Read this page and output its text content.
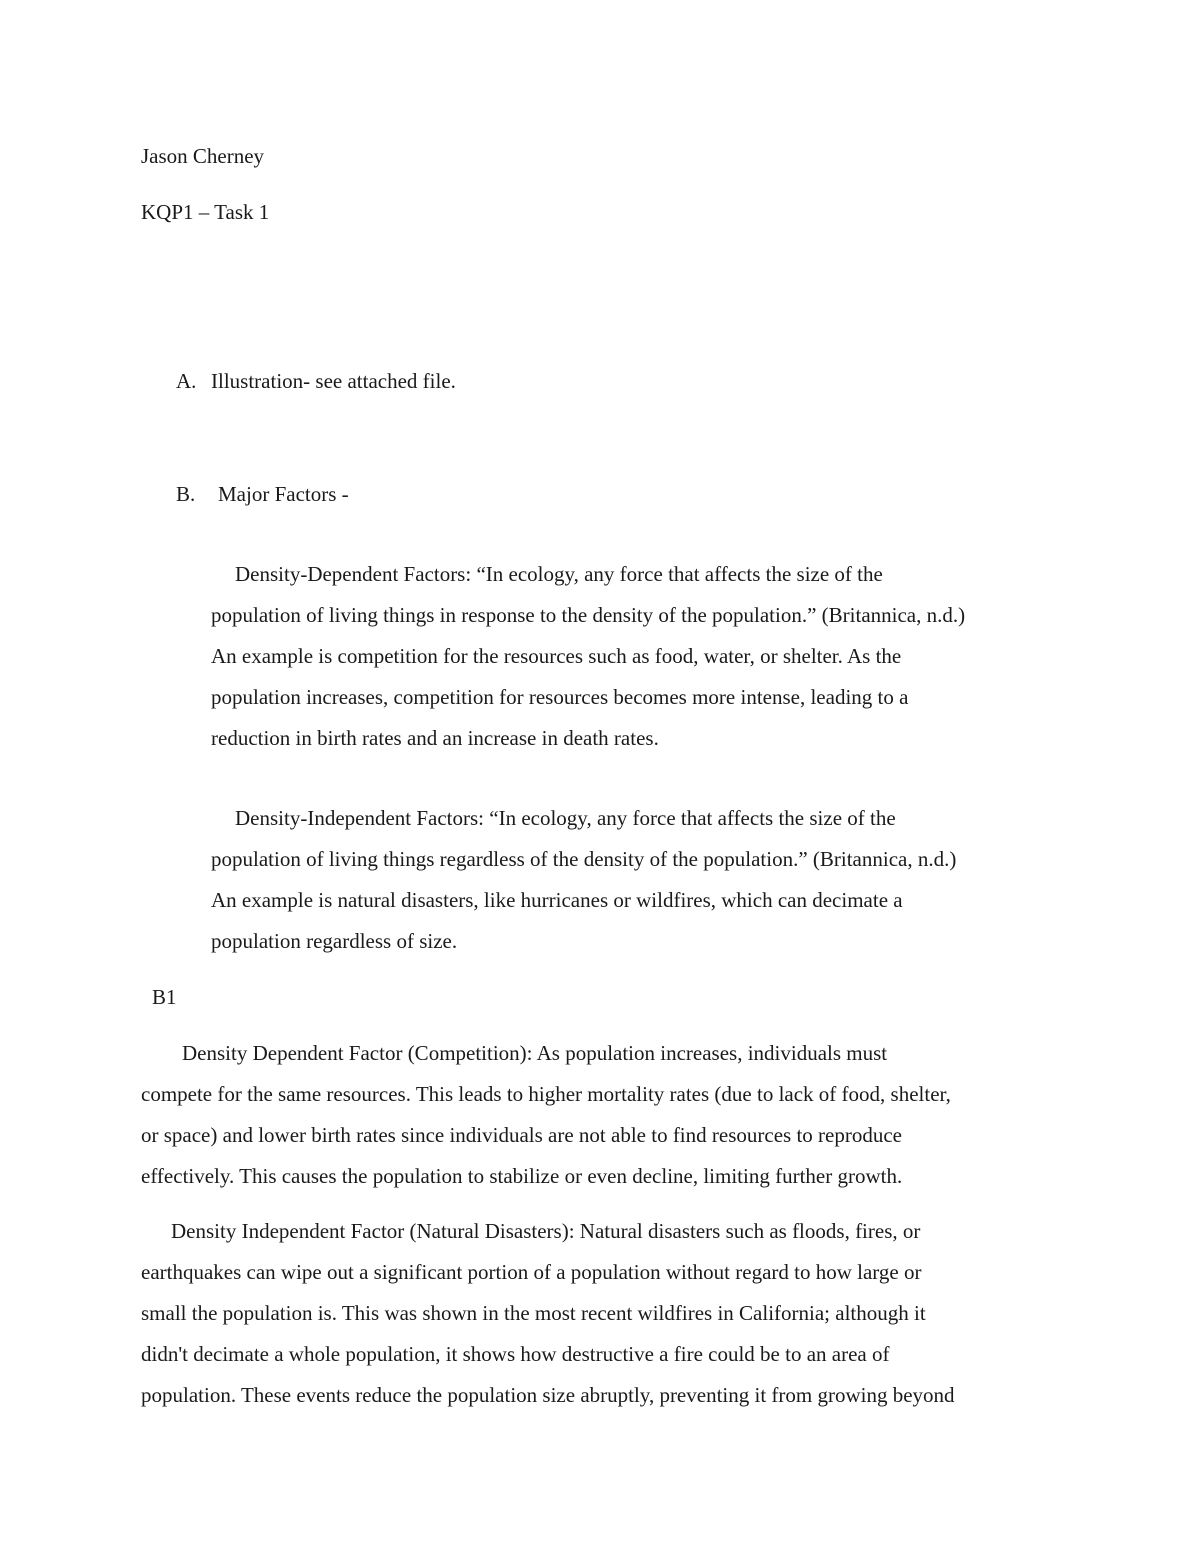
Jason Cherney
KQP1 – Task 1
A. Illustration- see attached file.
B. Major Factors -
Density-Dependent Factors: “In ecology, any force that affects the size of the
population of living things in response to the density of the population.” (Britannica, n.d.)
An example is competition for the resources such as food, water, or shelter. As the
population increases, competition for resources becomes more intense, leading to a
reduction in birth rates and an increase in death rates.
Density-Independent Factors: “In ecology, any force that affects the size of the
population of living things regardless of the density of the population.” (Britannica, n.d.)
An example is natural disasters, like hurricanes or wildfires, which can decimate a
population regardless of size.
B1
Density Dependent Factor (Competition): As population increases, individuals must
compete for the same resources. This leads to higher mortality rates (due to lack of food, shelter,
or space) and lower birth rates since individuals are not able to find resources to reproduce
effectively. This causes the population to stabilize or even decline, limiting further growth.
Density Independent Factor (Natural Disasters): Natural disasters such as floods, fires, or
earthquakes can wipe out a significant portion of a population without regard to how large or
small the population is. This was shown in the most recent wildfires in California; although it
didn't decimate a whole population, it shows how destructive a fire could be to an area of
population. These events reduce the population size abruptly, preventing it from growing beyond
